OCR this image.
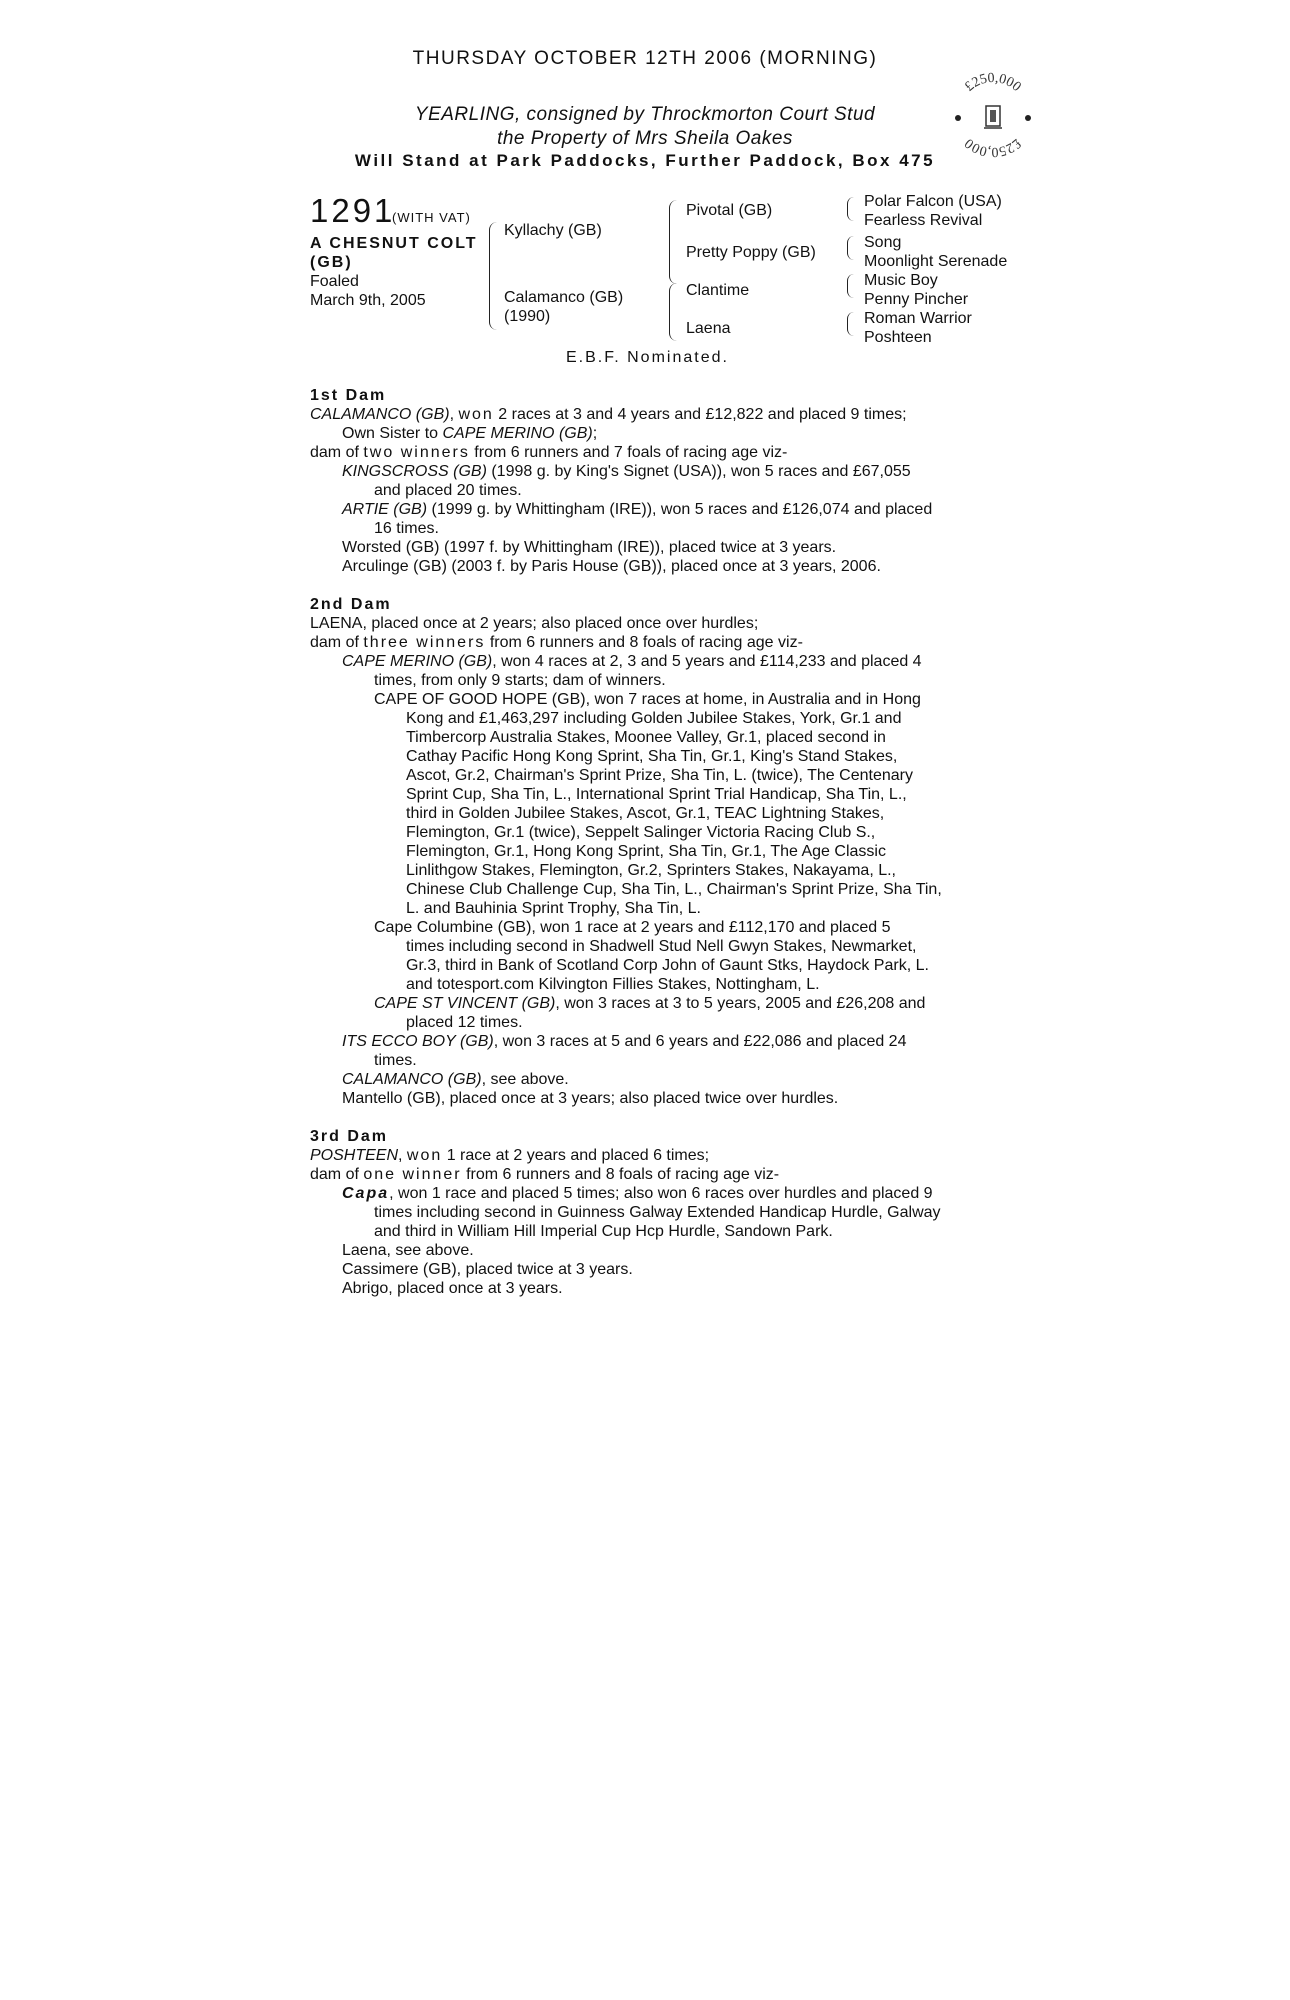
THURSDAY OCTOBER 12TH 2006 (MORNING)
YEARLING, consigned by Throckmorton Court Stud
the Property of Mrs Sheila Oakes
Will Stand at Park Paddocks, Further Paddock, Box 475
£250,000
£250,000
1291
(WITH VAT)
A CHESNUT COLT
(GB)
Foaled
March 9th, 2005
Kyllachy (GB)
Calamanco (GB)
(1990)
Pivotal (GB)
Pretty Poppy (GB)
Clantime
Laena
Polar Falcon (USA)
Fearless Revival
Song
Moonlight Serenade
Music Boy
Penny Pincher
Roman Warrior
Poshteen
E.B.F. Nominated.
1st Dam
CALAMANCO (GB), won 2 races at 3 and 4 years and £12,822 and placed 9 times;
Own Sister to CAPE MERINO (GB);
dam of two winners from 6 runners and 7 foals of racing age viz-
KINGSCROSS (GB) (1998 g. by King's Signet (USA)), won 5 races and £67,055
and placed 20 times.
ARTIE (GB) (1999 g. by Whittingham (IRE)), won 5 races and £126,074 and placed
16 times.
Worsted (GB) (1997 f. by Whittingham (IRE)), placed twice at 3 years.
Arculinge (GB) (2003 f. by Paris House (GB)), placed once at 3 years, 2006.
2nd Dam
LAENA, placed once at 2 years; also placed once over hurdles;
dam of three winners from 6 runners and 8 foals of racing age viz-
CAPE MERINO (GB), won 4 races at 2, 3 and 5 years and £114,233 and placed 4
times, from only 9 starts; dam of winners.
CAPE OF GOOD HOPE (GB), won 7 races at home, in Australia and in Hong
Kong and £1,463,297 including Golden Jubilee Stakes, York, Gr.1 and
Timbercorp Australia Stakes, Moonee Valley, Gr.1, placed second in
Cathay Pacific Hong Kong Sprint, Sha Tin, Gr.1, King's Stand Stakes,
Ascot, Gr.2, Chairman's Sprint Prize, Sha Tin, L. (twice), The Centenary
Sprint Cup, Sha Tin, L., International Sprint Trial Handicap, Sha Tin, L.,
third in Golden Jubilee Stakes, Ascot, Gr.1, TEAC Lightning Stakes,
Flemington, Gr.1 (twice), Seppelt Salinger Victoria Racing Club S.,
Flemington, Gr.1, Hong Kong Sprint, Sha Tin, Gr.1, The Age Classic
Linlithgow Stakes, Flemington, Gr.2, Sprinters Stakes, Nakayama, L.,
Chinese Club Challenge Cup, Sha Tin, L., Chairman's Sprint Prize, Sha Tin,
L. and Bauhinia Sprint Trophy, Sha Tin, L.
Cape Columbine (GB), won 1 race at 2 years and £112,170 and placed 5
times including second in Shadwell Stud Nell Gwyn Stakes, Newmarket,
Gr.3, third in Bank of Scotland Corp John of Gaunt Stks, Haydock Park, L.
and totesport.com Kilvington Fillies Stakes, Nottingham, L.
CAPE ST VINCENT (GB), won 3 races at 3 to 5 years, 2005 and £26,208 and
placed 12 times.
ITS ECCO BOY (GB), won 3 races at 5 and 6 years and £22,086 and placed 24
times.
CALAMANCO (GB), see above.
Mantello (GB), placed once at 3 years; also placed twice over hurdles.
3rd Dam
POSHTEEN, won 1 race at 2 years and placed 6 times;
dam of one winner from 6 runners and 8 foals of racing age viz-
Capa, won 1 race and placed 5 times; also won 6 races over hurdles and placed 9
times including second in Guinness Galway Extended Handicap Hurdle, Galway
and third in William Hill Imperial Cup Hcp Hurdle, Sandown Park.
Laena, see above.
Cassimere (GB), placed twice at 3 years.
Abrigo, placed once at 3 years.
